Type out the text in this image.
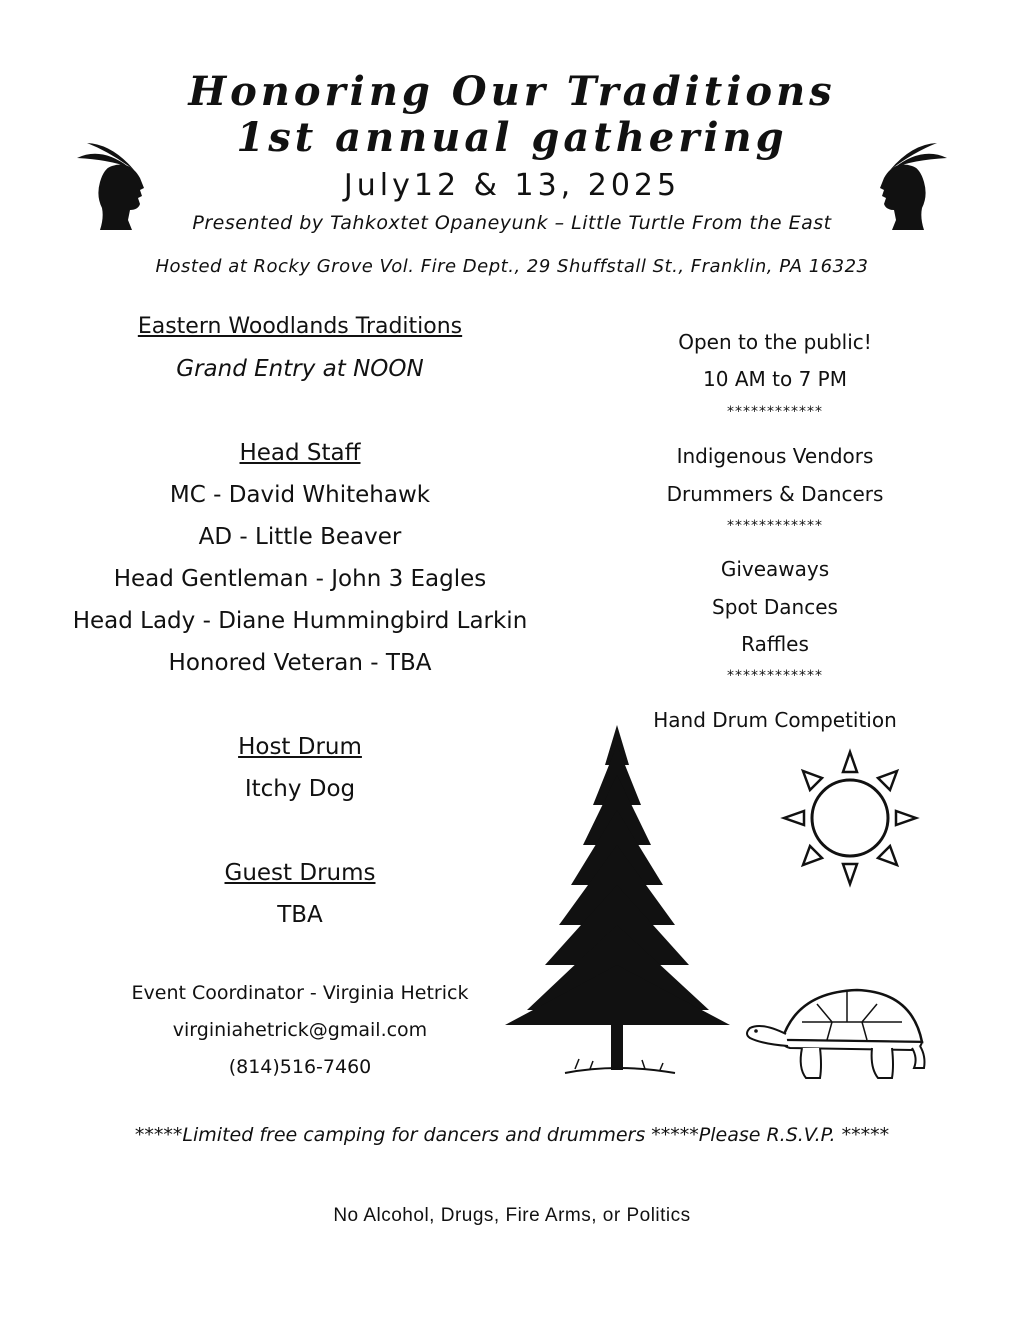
Honoring Our Traditions
1st annual gathering
July12 & 13, 2025
Presented by Tahkoxtet Opaneyunk – Little Turtle From the East
Hosted at Rocky Grove Vol. Fire Dept., 29 Shuffstall St., Franklin, PA 16323
Eastern Woodlands Traditions
Grand Entry at NOON
Head Staff
MC - David Whitehawk
AD - Little Beaver
Head Gentleman - John 3 Eagles
Head Lady - Diane Hummingbird Larkin
Honored Veteran - TBA
Host Drum
Itchy Dog
Guest Drums
TBA
Event Coordinator - Virginia Hetrick
virginiahetrick@gmail.com
(814)516-7460
Open to the public!
10 AM to 7 PM
************
Indigenous Vendors
Drummers & Dancers
************
Giveaways
Spot Dances
Raffles
************
Hand Drum Competition
*****Limited free camping for dancers and drummers *****Please R.S.V.P. *****
No Alcohol, Drugs, Fire Arms, or Politics
